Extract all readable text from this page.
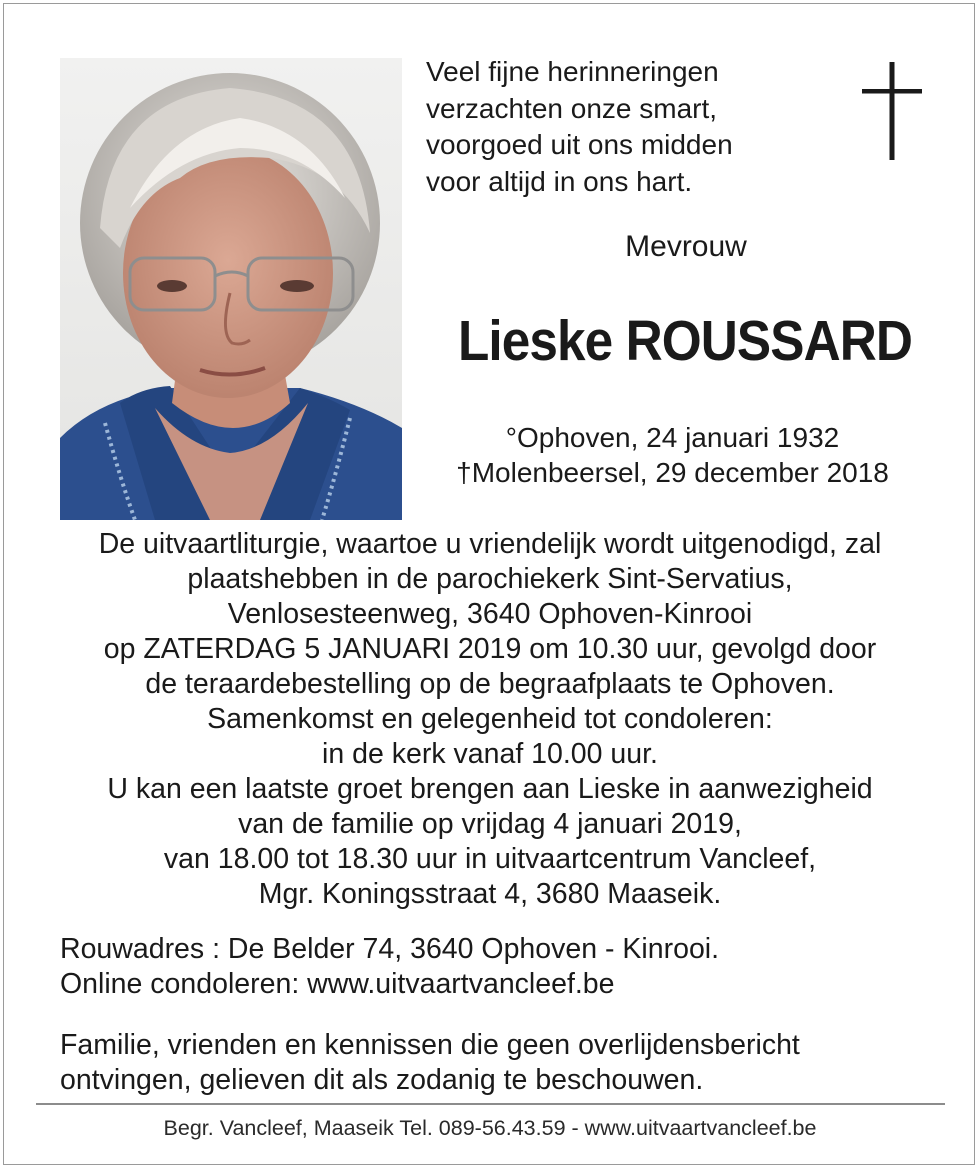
Veel fijne herinneringen
verzachten onze smart,
voorgoed uit ons midden
voor altijd in ons hart.
Mevrouw
Lieske ROUSSARD
°Ophoven, 24 januari 1932
†Molenbeersel, 29 december 2018
De uitvaartliturgie, waartoe u vriendelijk wordt uitgenodigd, zal
plaatshebben in de parochiekerk Sint-Servatius,
Venlosesteenweg, 3640 Ophoven-Kinrooi
op ZATERDAG 5 JANUARI 2019 om 10.30 uur, gevolgd door
de teraardebestelling op de begraafplaats te Ophoven.
Samenkomst en gelegenheid tot condoleren:
in de kerk vanaf 10.00 uur.
U kan een laatste groet brengen aan Lieske in aanwezigheid
van de familie op vrijdag 4 januari 2019,
van 18.00 tot 18.30 uur in uitvaartcentrum Vancleef,
Mgr. Koningsstraat 4, 3680 Maaseik.
Rouwadres : De Belder 74, 3640 Ophoven - Kinrooi.
Online condoleren: www.uitvaartvancleef.be
Familie, vrienden en kennissen die geen overlijdensbericht
ontvingen, gelieven dit als zodanig te beschouwen.
Begr. Vancleef, Maaseik Tel. 089-56.43.59 - www.uitvaartvancleef.be
